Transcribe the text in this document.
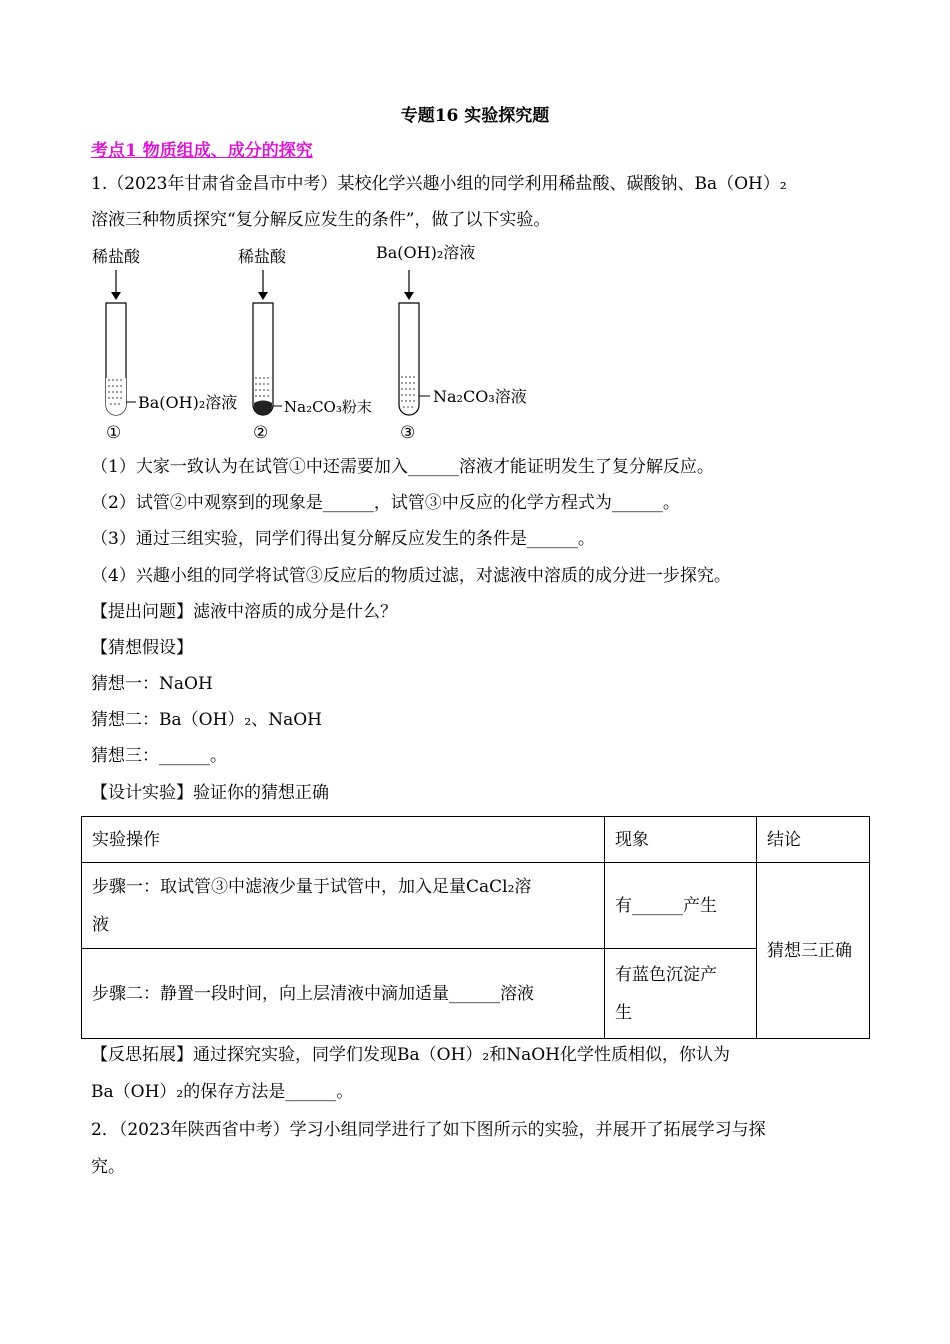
专题16 实验探究题
考点1 物质组成、成分的探究
1.（2023年甘肃省金昌市中考）某校化学兴趣小组的同学利用稀盐酸、碳酸钠、Ba（OH）₂
溶液三种物质探究“复分解反应发生的条件”，做了以下实验。
稀盐酸
Ba(OH)₂溶液
①
稀盐酸
Na₂CO₃粉末
②
Ba(OH)₂溶液
Na₂CO₃溶液
③
（1）大家一致认为在试管①中还需要加入______溶液才能证明发生了复分解反应。
（2）试管②中观察到的现象是______，试管③中反应的化学方程式为______。
（3）通过三组实验，同学们得出复分解反应发生的条件是______。
（4）兴趣小组的同学将试管③反应后的物质过滤，对滤液中溶质的成分进一步探究。
【提出问题】滤液中溶质的成分是什么？
【猜想假设】
猜想一：NaOH
猜想二：Ba（OH）₂、NaOH
猜想三：______。
【设计实验】验证你的猜想正确
实验操作	现象	结论

步骤一：取试管③中滤液少量于试管中，加入足量CaCl₂溶
液	有______产生	猜想三正确
步骤二：静置一段时间，向上层清液中滴加适量______溶液	有蓝色沉淀产
生	
【反思拓展】通过探究实验，同学们发现Ba（OH）₂和NaOH化学性质相似，你认为
Ba（OH）₂的保存方法是______。
2．（2023年陕西省中考）学习小组同学进行了如下图所示的实验，并展开了拓展学习与探
究。
